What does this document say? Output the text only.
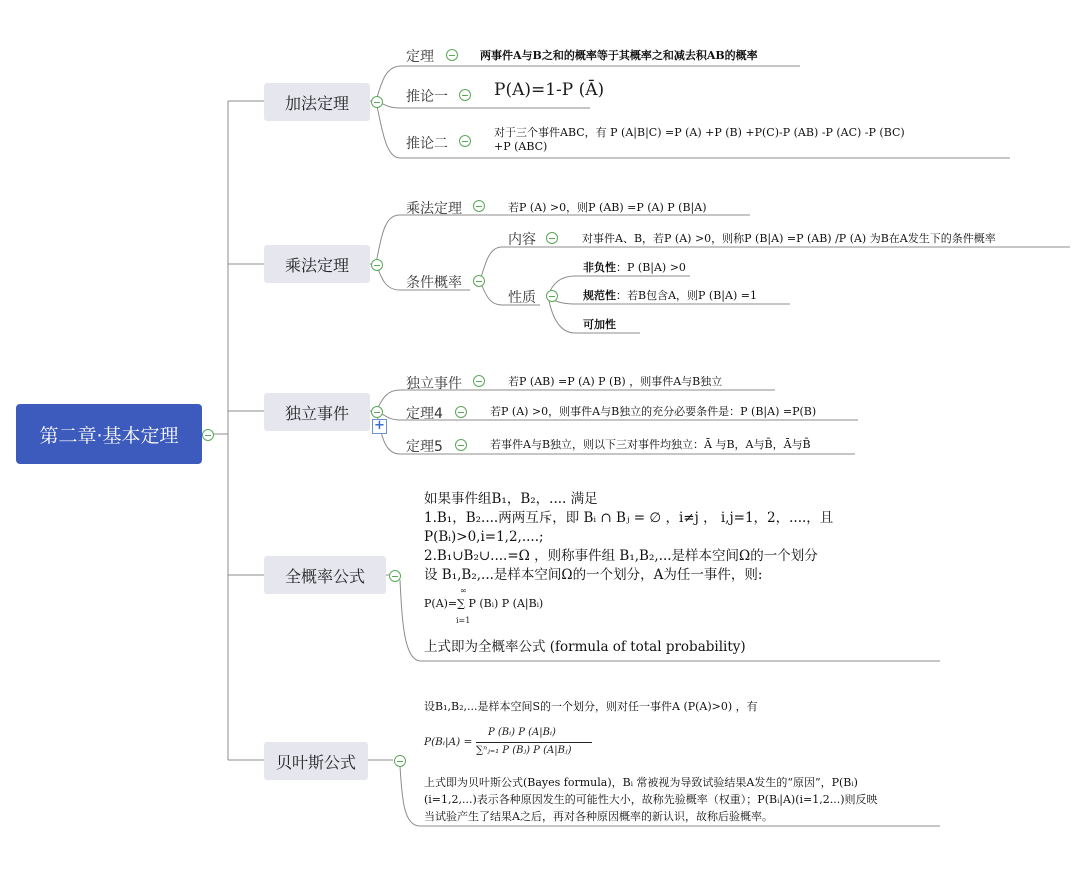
第二章·基本定理
加法定理
定理	两事件A与B之和的概率等于其概率之和减去积AB的概率
推论一	P(A)=1-P (Ā)
推论二
对于三个事件ABC，有 P (A|B|C) =P (A) +P (B) +P(C)-P (AB) -P (AC) -P (BC)
+P (ABC)
乘法定理
乘法定理	若P (A) >0，则P (AB) =P (A) P (B|A)
条件概率
内容	对事件A、B，若P (A) >0，则称P (B|A) =P (AB) /P (A) 为B在A发生下的条件概率
性质
非负性：P (B|A) >0
规范性：若B包含A，则P (B|A) =1
可加性
独立事件
+
独立事件	若P (AB) =P (A) P (B) ，则事件A与B独立
定理4	若P (A) >0，则事件A与B独立的充分必要条件是：P (B|A) =P(B)
定理5	若事件A与B独立，则以下三对事件均独立：Ā 与B，A与B̄，Ā与B̄
全概率公式
如果事件组B₁，B₂，.... 满足
1.B₁，B₂....两两互斥，即 Bᵢ ∩ Bⱼ = ∅ ，i≠j ， i,j=1，2，....，且
P(Bᵢ)>0,i=1,2,....;
2.B₁∪B₂∪....=Ω ，则称事件组 B₁,B₂,...是样本空间Ω的一个划分
设 B₁,B₂,...是样本空间Ω的一个划分，A为任一事件，则:
∞
P(A)=∑ P (Bᵢ) P (A|Bᵢ)
i=1
上式即为全概率公式 (formula of total probability)
贝叶斯公式
设B₁,B₂,...是样本空间S的一个划分，则对任一事件A (P(A)>0) ，有
P(Bᵢ|A) =
P (Bᵢ) P (A|Bᵢ)
∑ⁿⱼ₌₁ P (Bⱼ) P (A|Bⱼ)
上式即为贝叶斯公式(Bayes formula)，Bᵢ 常被视为导致试验结果A发生的“原因”，P(Bᵢ)
(i=1,2,...)表示各种原因发生的可能性大小，故称先验概率（权重）；P(Bᵢ|A)(i=1,2...)则反映
当试验产生了结果A之后，再对各种原因概率的新认识，故称后验概率。
